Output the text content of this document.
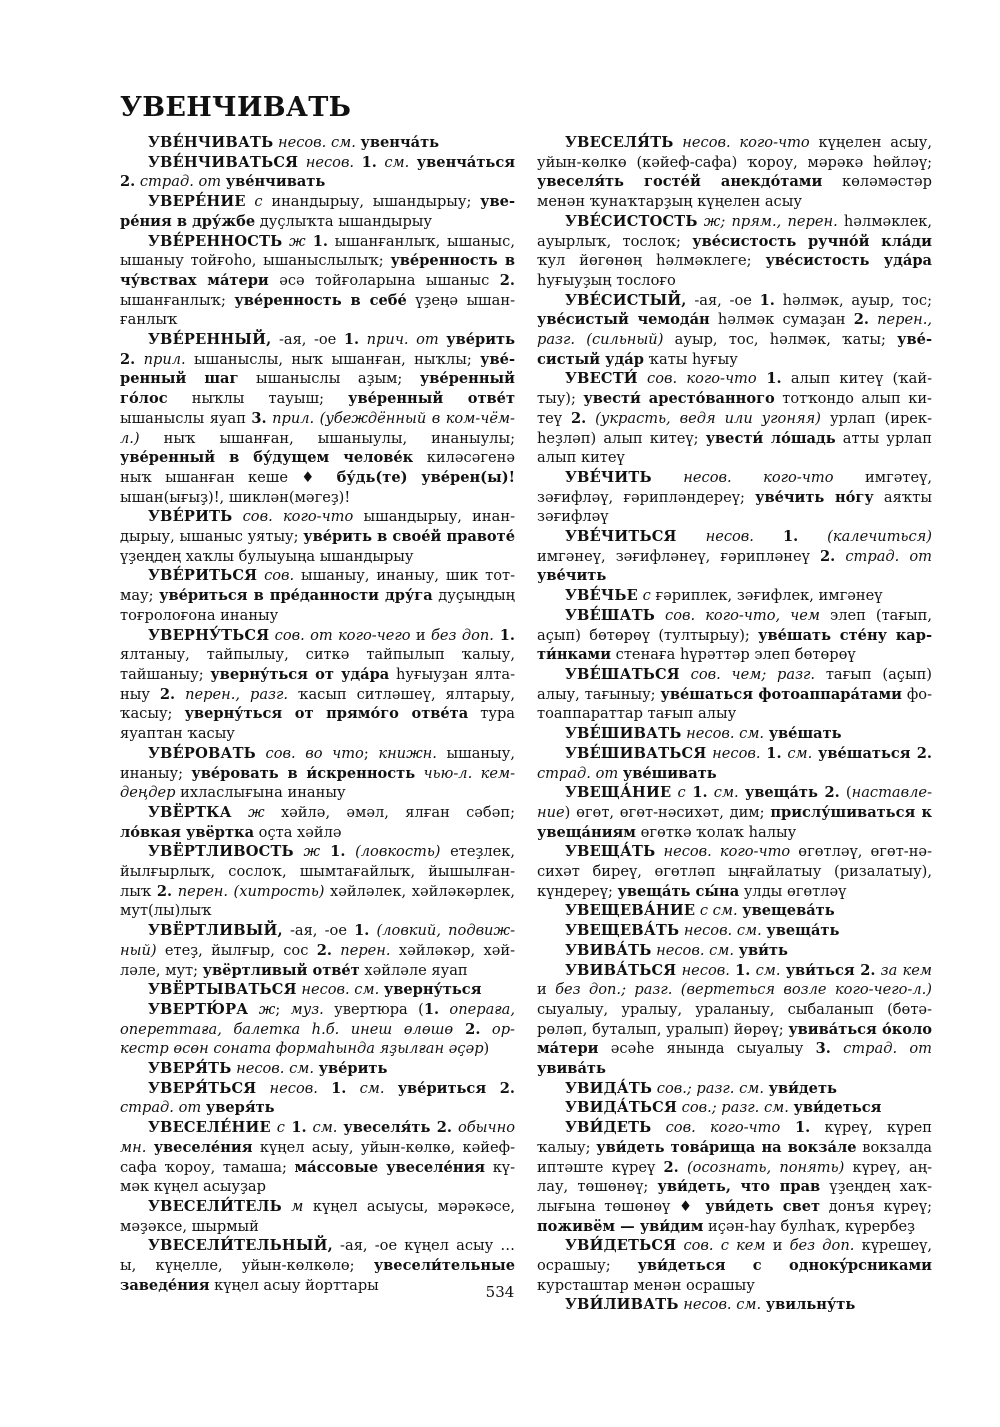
УВЕНЧИВАТЬ

УВЕ́НЧИВАТЬ несов. см. увенча́ть

УВЕ́НЧИВАТЬСЯ несов. 1. см. увенча́ться 2. страд. от уве́нчивать

УВЕРЕ́НИЕ с инандырыу, ышандырыу; увере́ния в дру́жбе дуҫлыҡта ышандырыу

УВЕ́РЕННОСТЬ ж 1. ышанғанлыҡ, ышаныс, ышаныу тойғоһо, ышаныслылыҡ; уве́ренность в чу́вствах ма́тери әсә тойғоларына ышаныс 2. ышанғанлыҡ; уве́ренность в себе́ үҙеңә ышанғанлыҡ

УВЕ́РЕННЫЙ, -ая, -ое 1. прич. от уве́рить 2. прил. ышаныслы, ныҡ ышанған, ныҡлы; уве́ренный шаг ышаныслы аҙым; уве́ренный го́лос ныҡлы тауыш; уве́ренный отве́т ышаныслы яуап 3. прил. (убеждённый в ком-чём-л.) ныҡ ышанған, ышаныулы, инаныулы; уве́ренный в бу́дущем челове́к киләсәгенә ныҡ ышанған кеше ♦ бу́дь(те) уве́рен(ы)! ышан(ығыҙ)!, шиклән(мәгеҙ)!

УВЕ́РИТЬ сов. кого-что ышандырыу, инандырыу, ышаныс уятыу; уве́рить в свое́й правоте́ үҙеңдең хаҡлы булыуыңа ышандырыу

УВЕ́РИТЬСЯ сов. ышаныу, инаныу, шик тотмау; уве́риться в пре́данности дру́га дуҫыңдың тоғролоғона инаныу

УВЕРНУ́ТЬСЯ сов. от кого-чего и без доп. 1. ялтаныу, тайпылыу, ситкә тайпылып ҡалыу, тайшаныу; уверну́ться от уда́ра һуғыуҙан ялтаныу 2. перен., разг. ҡасып ситләшеү, ялтарыу, ҡасыу; уверну́ться от прямо́го отве́та тура яуаптан ҡасыу

УВЕ́РОВАТЬ сов. во что; книжн. ышаныу, инаныу; уве́ровать в и́скренность чью-л. кемдеңдер ихласлығына инаныу

УВЁРТКА ж хәйлә, әмәл, ялған сәбәп; ло́вкая увёртка оҫта хәйлә

УВЁРТЛИВОСТЬ ж 1. (ловкость) етеҙлек, йылғырлыҡ, сослоҡ, шымтағайлыҡ, йышылғанлыҡ 2. перен. (хитрость) хәйләлек, хәйләкәрлек, мут(лы)лыҡ

УВЁРТЛИВЫЙ, -ая, -ое 1. (ловкий, подвижный) етеҙ, йылғыр, сос 2. перен. хәйләкәр, хәйләле, мут; увёртливый отве́т хәйләле яуап

УВЁРТЫВАТЬСЯ несов. см. уверну́ться

УВЕРТЮ́РА ж; муз. увертюра (1. операға, опереттаға, балетка һ.б. инеш өлөшө 2. оркестр өсөн соната формаһында яҙылған әҫәр)

УВЕРЯ́ТЬ несов. см. уве́рить

УВЕРЯ́ТЬСЯ несов. 1. см. уве́риться 2. страд. от уверя́ть

УВЕСЕЛЕ́НИЕ с 1. см. увеселя́ть 2. обычно мн. увеселе́ния күңел асыу, уйын-көлкө, кәйеф-сафа ҡороу, тамаша; ма́ссовые увеселе́ния күмәк күңел асыуҙар

УВЕСЕЛИ́ТЕЛЬ м күңел асыусы, мәрәкәсе, мәҙәксе, шырмый

УВЕСЕЛИ́ТЕЛЬНЫЙ, -ая, -ое күңел асыу …ы, күңелле, уйын-көлкөлө; увесели́тельные заведе́ния күңел асыу йорттары

УВЕСЕЛЯ́ТЬ несов. кого-что күңелен асыу, уйын-көлкө (кәйеф-сафа) ҡороу, мәрәкә һөйләү; увеселя́ть госте́й анекдо́тами көләмәстәр менән ҡунаҡтарҙың күңелен асыу

УВЕ́СИСТОСТЬ ж; прям., перен. һәлмәклек, ауырлыҡ, тослоҡ; уве́систость ручно́й кла́ди ҡул йөгөнөң һәлмәклеге; уве́систость уда́ра һуғыуҙың тослоғо

УВЕ́СИСТЫЙ, -ая, -ое 1. һәлмәк, ауыр, тос; уве́систый чемода́н һәлмәк сумаҙан 2. перен., разг. (сильный) ауыр, тос, һәлмәк, ҡаты; уве́систый уда́р ҡаты һуғыу

УВЕСТИ́ сов. кого-что 1. алып китеү (ҡайтыу); увести́ аресто́ванного тотҡондо алып китеү 2. (украсть, ведя или угоняя) урлап (ирекһеҙләп) алып китеү; увести́ ло́шадь атты урлап алып китеү

УВЕ́ЧИТЬ несов. кого-что имгәтеү, зәғифләү, ғәриплəндереү; уве́чить но́гу аяҡты зәғифләү

УВЕ́ЧИТЬСЯ несов. 1. (калечиться) имгәнеү, зәғифләнеү, ғәриплəнеү 2. страд. от уве́чить

УВЕ́ЧЬЕ с ғәриплек, зәғифлек, имгәнеү

УВЕ́ШАТЬ сов. кого-что, чем элеп (тағып, аҫып) бөтөрөү (тултырыу); уве́шать сте́ну карти́нками стенаға һүрәттәр элеп бөтөрөү

УВЕ́ШАТЬСЯ сов. чем; разг. тағып (аҫып) алыу, тағыныу; уве́шаться фотоаппара́тами фотоаппараттар тағып алыу

УВЕ́ШИВАТЬ несов. см. уве́шать

УВЕ́ШИВАТЬСЯ несов. 1. см. уве́шаться 2. страд. от уве́шивать

УВЕЩА́НИЕ с 1. см. увеща́ть 2. (наставление) өгөт, өгөт-нәсихәт, дим; прислу́шиваться к увеща́ниям өгөткә ҡолаҡ һалыу

УВЕЩА́ТЬ несов. кого-что өгөтләү, өгөт-нәсихәт биреү, өгөтләп ыңғайлатыу (ризалатыу), күндереү; увеща́ть сы́на улды өгөтләү

УВЕЩЕВА́НИЕ с см. увещева́ть

УВЕЩЕВА́ТЬ несов. см. увеща́ть

УВИВА́ТЬ несов. см. уви́ть

УВИВА́ТЬСЯ несов. 1. см. уви́ться 2. за кем и без доп.; разг. (вертеться возле кого-чего-л.) сыуалыу, уралыу, ураланыу, сыбаланып (бөтәрөләп, буталып, уралып) йөрөү; увива́ться о́коло ма́тери әсәһе янында сыуалыу 3. страд. от увива́ть

УВИДА́ТЬ сов.; разг. см. уви́деть

УВИДА́ТЬСЯ сов.; разг. см. уви́деться

УВИ́ДЕТЬ сов. кого-что 1. күреү, күреп ҡалыу; уви́деть това́рища на вокза́ле вокзалда иптәште күреү 2. (осознать, понять) күреү, аңлау, төшөнөү; уви́деть, что прав үҙеңдең хаҡлығына төшөнөү ♦ уви́деть свет донъя күреү; поживём — уви́дим иҫән-һау булһаҡ, күрербеҙ

УВИ́ДЕТЬСЯ сов. с кем и без доп. күрешеү, осрашыу; уви́деться с однокýрсниками курсташтар менән осрашыу

УВИ́ЛИВАТЬ несов. см. увильну́ть

534
